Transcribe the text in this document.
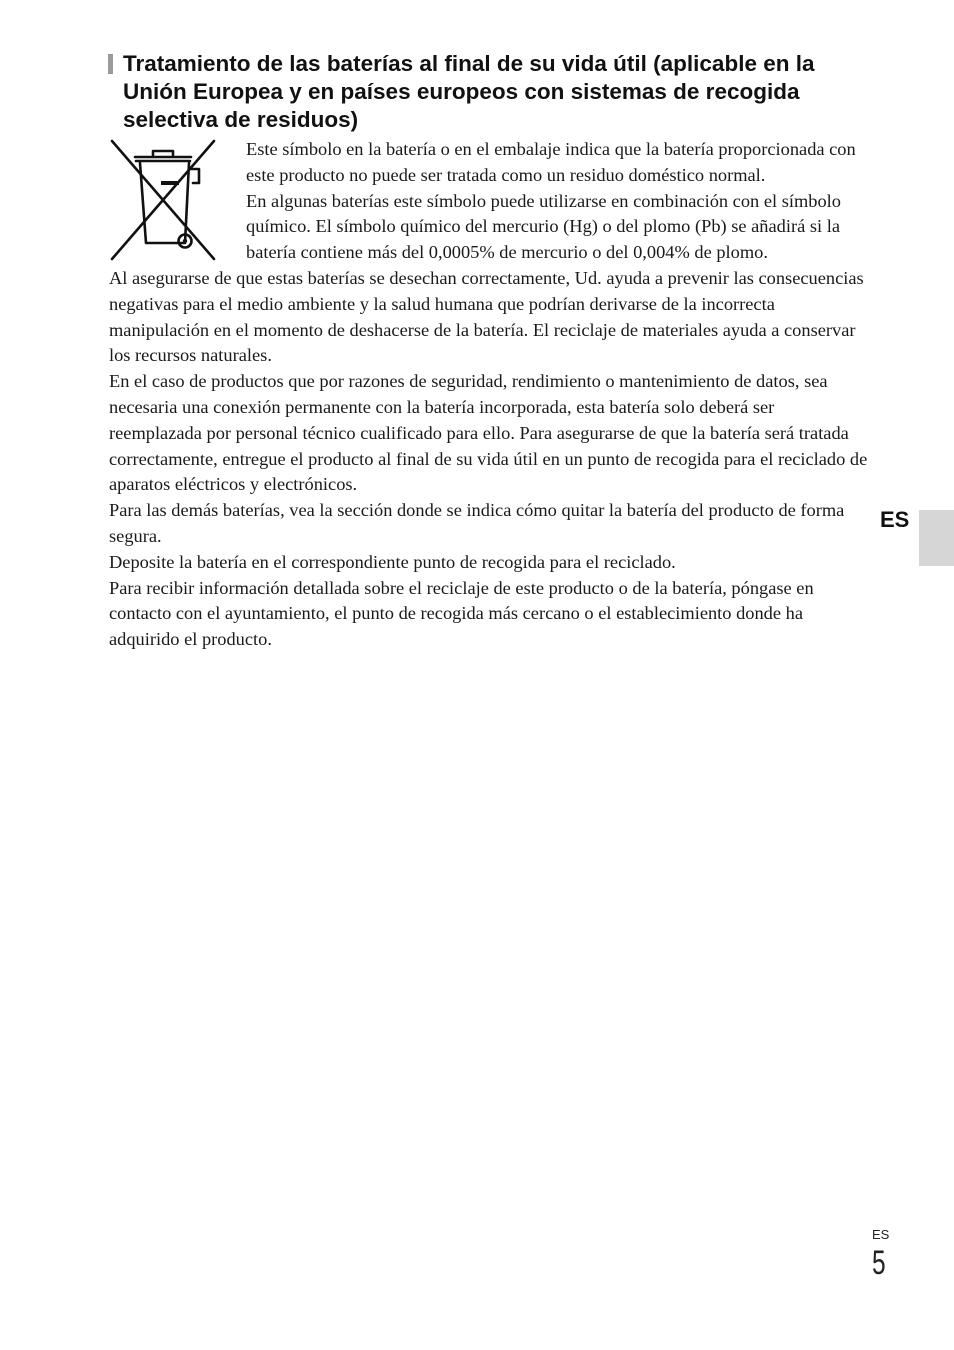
Tratamiento de las baterías al final de su vida útil (aplicable en la Unión Europea y en países europeos con sistemas de recogida selectiva de residuos)

Este símbolo en la batería o en el embalaje indica que la batería proporcionada con este producto no puede ser tratada como un residuo doméstico normal.

En algunas baterías este símbolo puede utilizarse en combinación con el símbolo químico. El símbolo químico del mercurio (Hg) o del plomo (Pb) se añadirá si la batería contiene más del 0,0005% de mercurio o del 0,004% de plomo.

Al asegurarse de que estas baterías se desechan correctamente, Ud. ayuda a prevenir las consecuencias negativas para el medio ambiente y la salud humana que podrían derivarse de la incorrecta manipulación en el momento de deshacerse de la batería. El reciclaje de materiales ayuda a conservar los recursos naturales.

En el caso de productos que por razones de seguridad, rendimiento o mantenimiento de datos, sea necesaria una conexión permanente con la batería incorporada, esta batería solo deberá ser reemplazada por personal técnico cualificado para ello. Para asegurarse de que la batería será tratada correctamente, entregue el producto al final de su vida útil en un punto de recogida para el reciclado de aparatos eléctricos y electrónicos.

Para las demás baterías, vea la sección donde se indica cómo quitar la batería del producto de forma segura.

Deposite la batería en el correspondiente punto de recogida para el reciclado.

Para recibir información detallada sobre el reciclaje de este producto o de la batería, póngase en contacto con el ayuntamiento, el punto de recogida más cercano o el establecimiento donde ha adquirido el producto.

ES
ES
5
